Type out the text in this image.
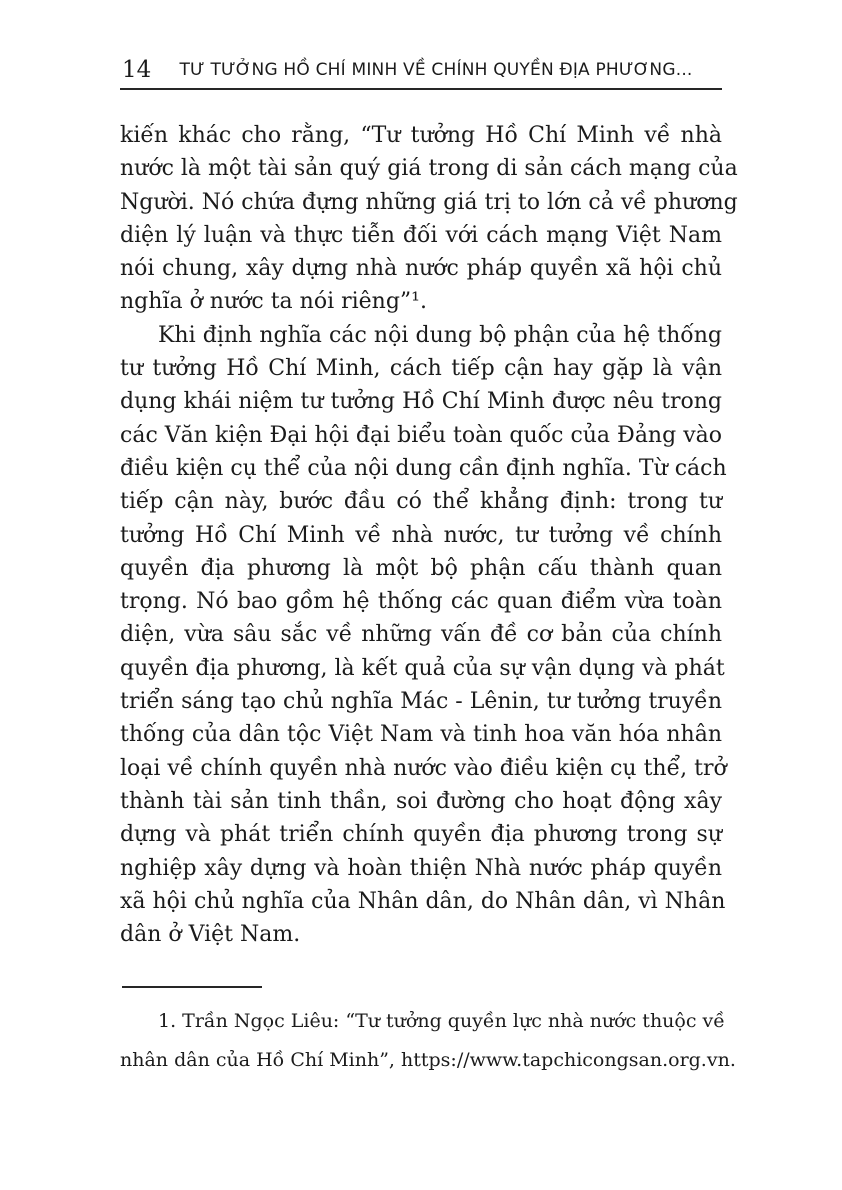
14	TƯ TƯỞNG HỒ CHÍ MINH VỀ CHÍNH QUYỀN ĐỊA PHƯƠNG...
kiến khác cho rằng, “Tư tưởng Hồ Chí Minh về nhà
nước là một tài sản quý giá trong di sản cách mạng của
Người. Nó chứa đựng những giá trị to lớn cả về phương
diện lý luận và thực tiễn đối với cách mạng Việt Nam
nói chung, xây dựng nhà nước pháp quyền xã hội chủ
nghĩa ở nước ta nói riêng”¹.
Khi định nghĩa các nội dung bộ phận của hệ thống
tư tưởng Hồ Chí Minh, cách tiếp cận hay gặp là vận
dụng khái niệm tư tưởng Hồ Chí Minh được nêu trong
các Văn kiện Đại hội đại biểu toàn quốc của Đảng vào
điều kiện cụ thể của nội dung cần định nghĩa. Từ cách
tiếp cận này, bước đầu có thể khẳng định: trong tư
tưởng Hồ Chí Minh về nhà nước, tư tưởng về chính
quyền địa phương là một bộ phận cấu thành quan
trọng. Nó bao gồm hệ thống các quan điểm vừa toàn
diện, vừa sâu sắc về những vấn đề cơ bản của chính
quyền địa phương, là kết quả của sự vận dụng và phát
triển sáng tạo chủ nghĩa Mác - Lênin, tư tưởng truyền
thống của dân tộc Việt Nam và tinh hoa văn hóa nhân
loại về chính quyền nhà nước vào điều kiện cụ thể, trở
thành tài sản tinh thần, soi đường cho hoạt động xây
dựng và phát triển chính quyền địa phương trong sự
nghiệp xây dựng và hoàn thiện Nhà nước pháp quyền
xã hội chủ nghĩa của Nhân dân, do Nhân dân, vì Nhân
dân ở Việt Nam.
1. Trần Ngọc Liêu: “Tư tưởng quyền lực nhà nước thuộc về
nhân dân của Hồ Chí Minh”, https://www.tapchicongsan.org.vn.
